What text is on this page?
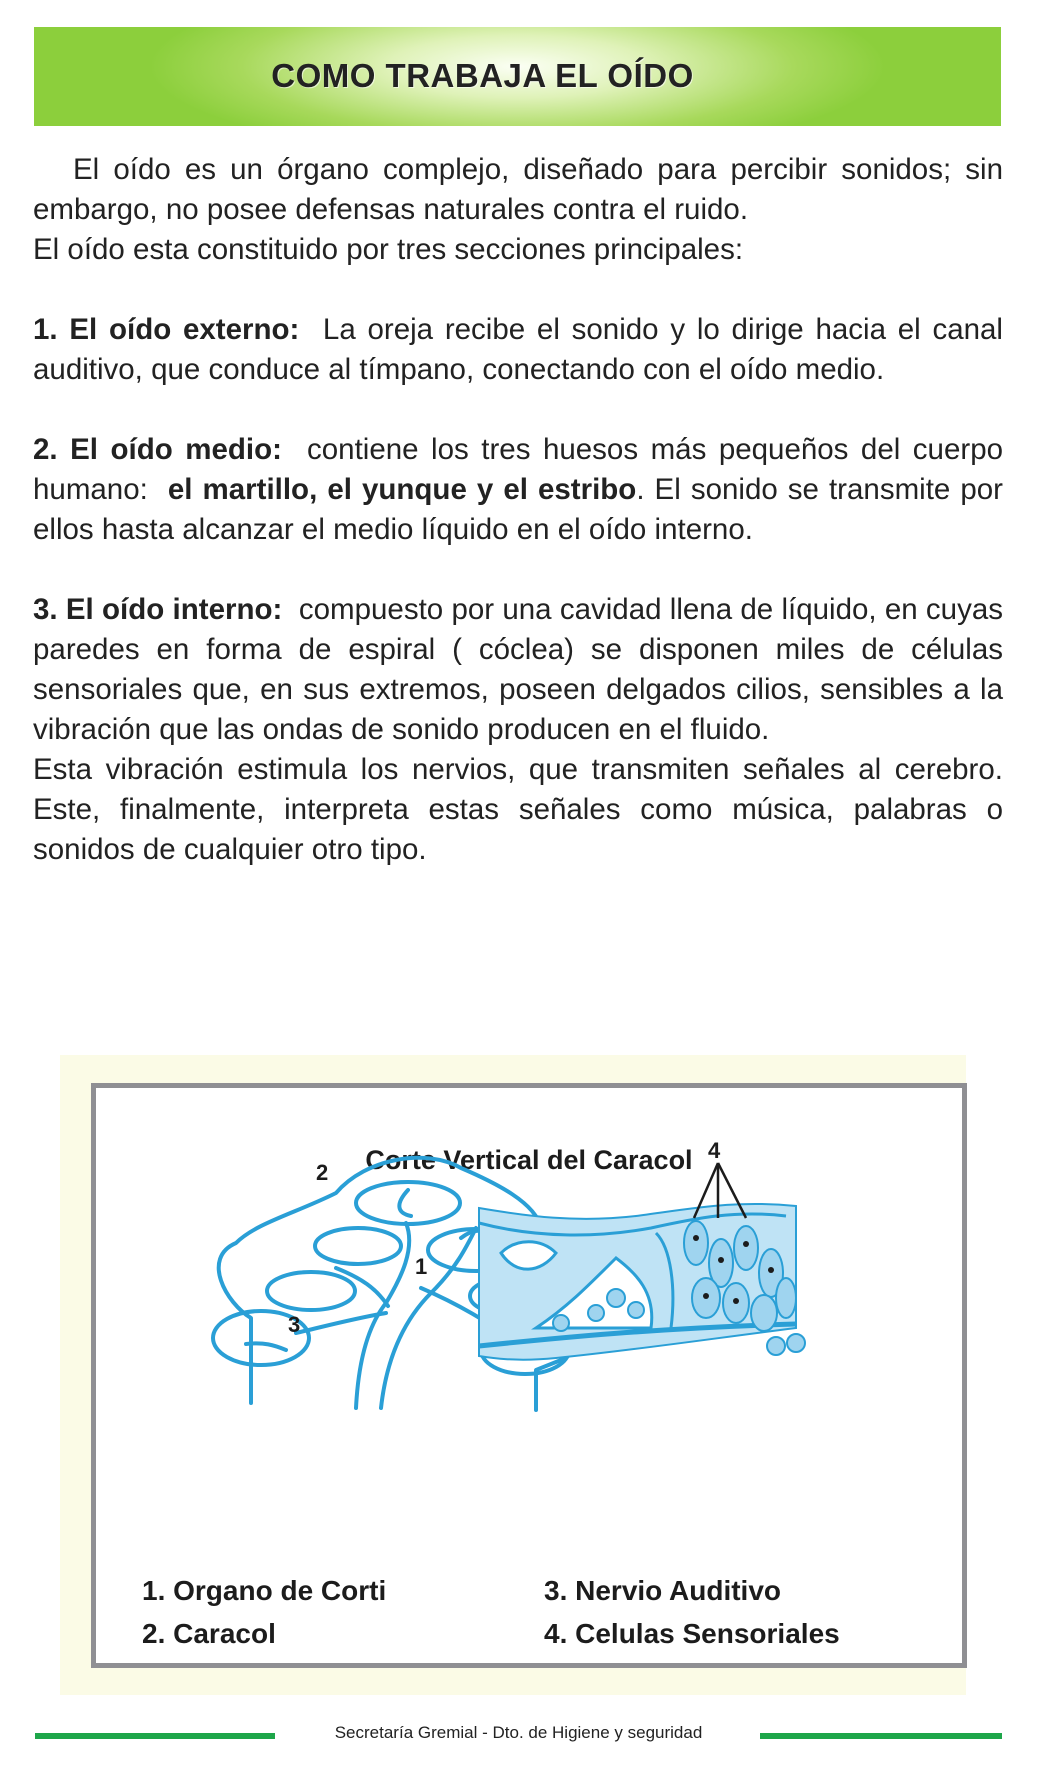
COMO TRABAJA EL OÍDO

El oído es un órgano complejo, diseñado para percibir sonidos; sin embargo, no posee defensas naturales contra el ruido.

El oído esta constituido por tres secciones principales:

1. El oído externo: La oreja recibe el sonido y lo dirige hacia el canal auditivo, que conduce al tímpano, conectando con el oído medio.

2. El oído medio: contiene los tres huesos más pequeños del cuerpo humano: el martillo, el yunque y el estribo. El sonido se transmite por ellos hasta alcanzar el medio líquido en el oído interno.

3. El oído interno: compuesto por una cavidad llena de líquido, en cuyas paredes en forma de espiral ( cóclea) se disponen miles de células sensoriales que, en sus extremos, poseen delgados cilios, sensibles a la vibración que las ondas de sonido producen en el fluido.

Esta vibración estimula los nervios, que transmiten señales al cerebro.   Este, finalmente, interpreta estas señales como música, palabras o sonidos de cualquier otro tipo.

Corte Vertical del Caracol
2
1
3
4
1. Organo de Corti
2. Caracol
3. Nervio Auditivo
4. Celulas Sensoriales
Secretaría Gremial - Dto. de Higiene y seguridad
